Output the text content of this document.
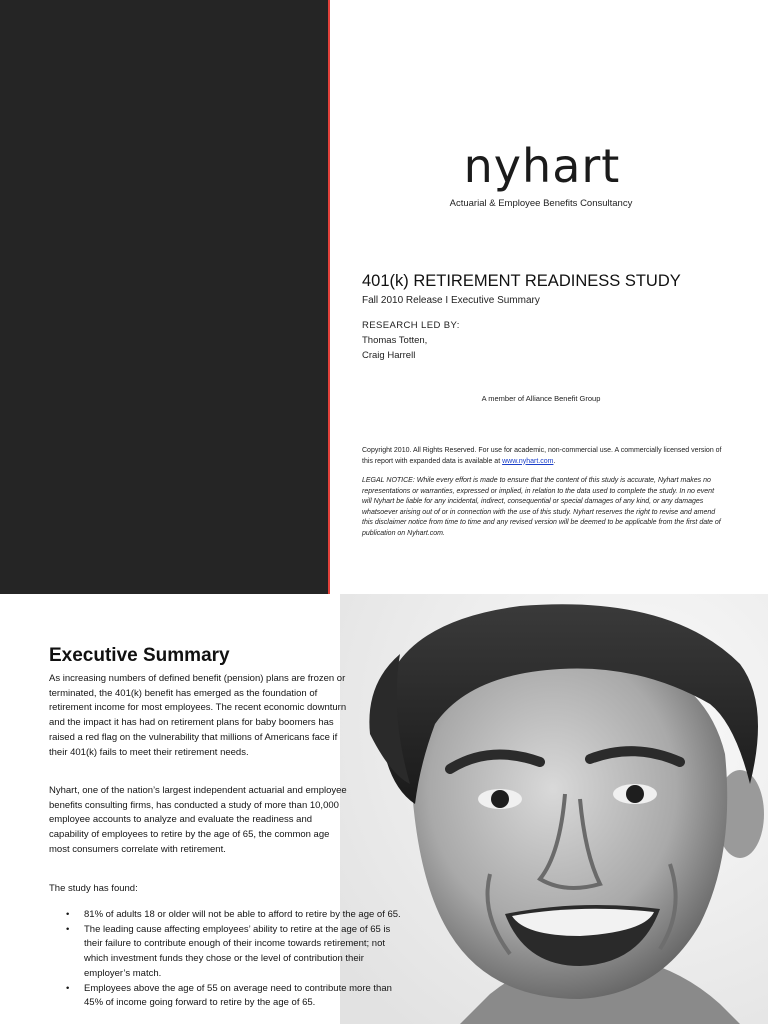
nyhart
Actuarial & Employee Benefits Consultancy
401(k) RETIREMENT READINESS STUDY
Fall 2010 Release I Executive Summary
RESEARCH LED BY:
Thomas Totten,
Craig Harrell
A member of Alliance Benefit Group
Copyright 2010. All Rights Reserved. For use for academic, non-commercial use. A commercially licensed version of this report with expanded data is available at www.nyhart.com.
LEGAL NOTICE: While every effort is made to ensure that the content of this study is accurate, Nyhart makes no representations or warranties, expressed or implied, in relation to the data used to complete the study. In no event will Nyhart be liable for any incidental, indirect, consequential or special damages of any kind, or any damages whatsoever arising out of or in connection with the use of this study. Nyhart reserves the right to revise and amend this disclaimer notice from time to time and any revised version will be deemed to be applicable from the first date of publication on Nyhart.com.
Executive Summary

As increasing numbers of defined benefit (pension) plans are frozen or terminated, the 401(k) benefit has emerged as the foundation of retirement income for most employees. The recent economic downturn and the impact it has had on retirement plans for baby boomers has raised a red flag on the vulnerability that millions of Americans face if their 401(k) fails to meet their retirement needs.

Nyhart, one of the nation’s largest independent actuarial and employee benefits consulting firms, has conducted a study of more than 10,000 employee accounts to analyze and evaluate the readiness and capability of employees to retire by the age of 65, the common age most consumers correlate with retirement.

The study has found:

• 81% of adults 18 or older will not be able to afford to retire by the age of 65.
• The leading cause affecting employees’ ability to retire at the age of 65 is their failure to contribute enough of their income towards retirement; not which investment funds they chose or the level of contribution their employer’s match.
• Employees above the age of 55 on average need to contribute more than 45% of income going forward to retire by the age of 65.
